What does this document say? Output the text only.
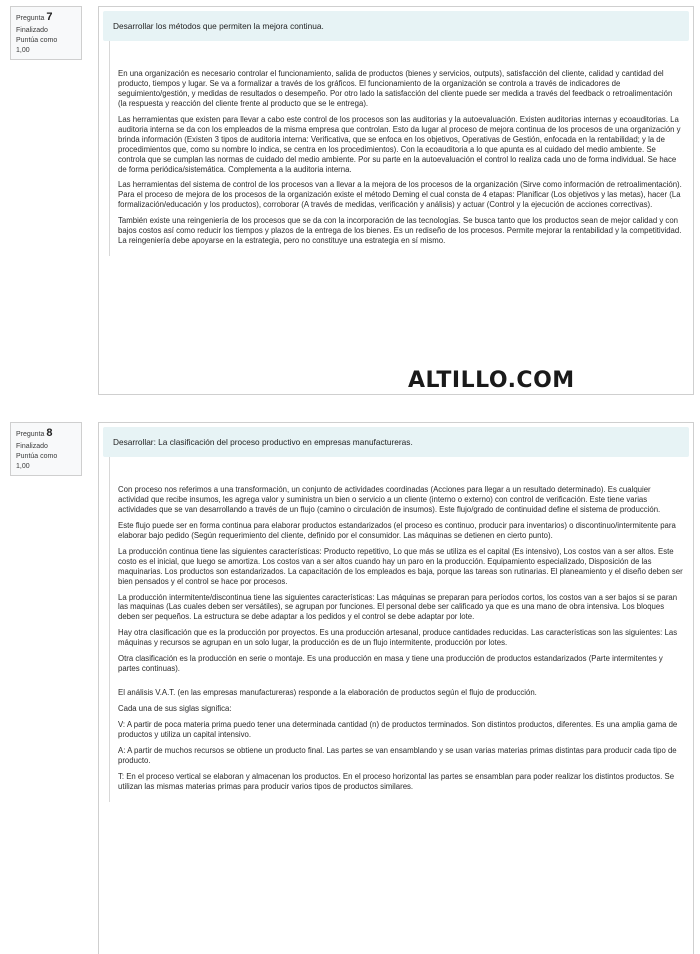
Pregunta 7
Finalizado
Puntúa como
1,00
Desarrollar los métodos que permiten la mejora continua.

En una organización es necesario controlar el funcionamiento, salida de productos (bienes y servicios, outputs), satisfacción del cliente, calidad y cantidad del producto, tiempos y lugar. Se va a formalizar a través de los gráficos. El funcionamiento de la organización se controla a través de indicadores de seguimiento/gestión, y medidas de resultados o desempeño. Por otro lado la satisfacción del cliente puede ser medida a través del feedback o retroalimentación (la respuesta y reacción del cliente frente al producto que se le entrega).

Las herramientas que existen para llevar a cabo este control de los procesos son las auditorias y la autoevaluación. Existen auditorias internas y ecoauditorias. La auditoria interna se da con los empleados de la misma empresa que controlan. Esto da lugar al proceso de mejora continua de los procesos de una organización y brinda información (Existen 3 tipos de auditoria interna: Verificativa, que se enfoca en los objetivos, Operativas de Gestión, enfocada en la rentabilidad; y la de procedimientos que, como su nombre lo indica, se centra en los procedimientos). Con la ecoauditoria a lo que apunta es al cuidado del medio ambiente. Se controla que se cumplan las normas de cuidado del medio ambiente. Por su parte en la autoevaluación el control lo realiza cada uno de forma individual. Se hace de forma periódica/sistemática. Complementa a la auditoria interna.

Las herramientas del sistema de control de los procesos van a llevar a la mejora de los procesos de la organización (Sirve como información de retroalimentación). Para el proceso de mejora de los procesos de la organización existe el método Deming el cual consta de 4 etapas: Planificar (Los objetivos y las metas), hacer (La formalización/educación y los productos), corroborar (A través de medidas, verificación y análisis) y actuar (Control y la ejecución de acciones correctivas).

También existe una reingeniería de los procesos que se da con la incorporación de las tecnologías. Se busca tanto que los productos sean de mejor calidad y con bajos costos así como reducir los tiempos y plazos de la entrega de los bienes. Es un rediseño de los procesos. Permite mejorar la rentabilidad y la competitividad. La reingeniería debe apoyarse en la estrategia, pero no constituye una estrategia en sí mismo.

ALTILLO.COM
Pregunta 8
Finalizado
Puntúa como
1,00
Desarrollar: La clasificación del proceso productivo en empresas manufactureras.

Con proceso nos referimos a una transformación, un conjunto de actividades coordinadas (Acciones para llegar a un resultado determinado). Es cualquier actividad que recibe insumos, les agrega valor y suministra un bien o servicio a un cliente (interno o externo) con control de verificación. Este tiene varias actividades que se van desarrollando a través de un flujo (camino o circulación de insumos). Este flujo/grado de continuidad define el sistema de producción.

Este flujo puede ser en forma continua para elaborar productos estandarizados (el proceso es continuo, producir para inventarios) o discontinuo/intermitente para elaborar bajo pedido (Según requerimiento del cliente, definido por el consumidor. Las máquinas se detienen en cierto punto).

La producción continua tiene las siguientes características: Producto repetitivo, Lo que más se utiliza es el capital (Es intensivo), Los costos van a ser altos. Este costo es el inicial, que luego se amortiza. Los costos van a ser altos cuando hay un paro en la producción. Equipamiento especializado, Disposición de las maquinarias. Los productos son estandarizados. La capacitación de los empleados es baja, porque las tareas son rutinarias. El planeamiento y el diseño deben ser bien pensados y el control se hace por procesos.

La producción intermitente/discontinua tiene las siguientes características: Las máquinas se preparan para períodos cortos, los costos van a ser bajos si se paran las maquinas (Las cuales deben ser versátiles), se agrupan por funciones. El personal debe ser calificado ya que es una mano de obra intensiva. Los bloques deben ser pequeños. La estructura se debe adaptar a los pedidos y el control se debe adaptar por lote.

Hay otra clasificación que es la producción por proyectos. Es una producción artesanal, produce cantidades reducidas. Las características son las siguientes: Las máquinas y recursos se agrupan en un solo lugar, la producción es de un flujo intermitente, producción por lotes.

Otra clasificación es la producción en serie o montaje. Es una producción en masa y tiene una producción de productos estandarizados (Parte intermitentes y partes continuas).

El análisis V.A.T. (en las empresas manufactureras) responde a la elaboración de productos según el flujo de producción.

Cada una de sus siglas significa:

V: A partir de poca materia prima puedo tener una determinada cantidad (n) de productos terminados. Son distintos productos, diferentes. Es una amplia gama de productos y utiliza un capital intensivo.

A: A partir de muchos recursos se obtiene un producto final. Las partes se van ensamblando y se usan varias materias primas distintas para producir cada tipo de producto.

T: En el proceso vertical se elaboran y almacenan los productos. En el proceso horizontal las partes se ensamblan para poder realizar los distintos productos. Se utilizan las mismas materias primas para producir varios tipos de productos similares.
